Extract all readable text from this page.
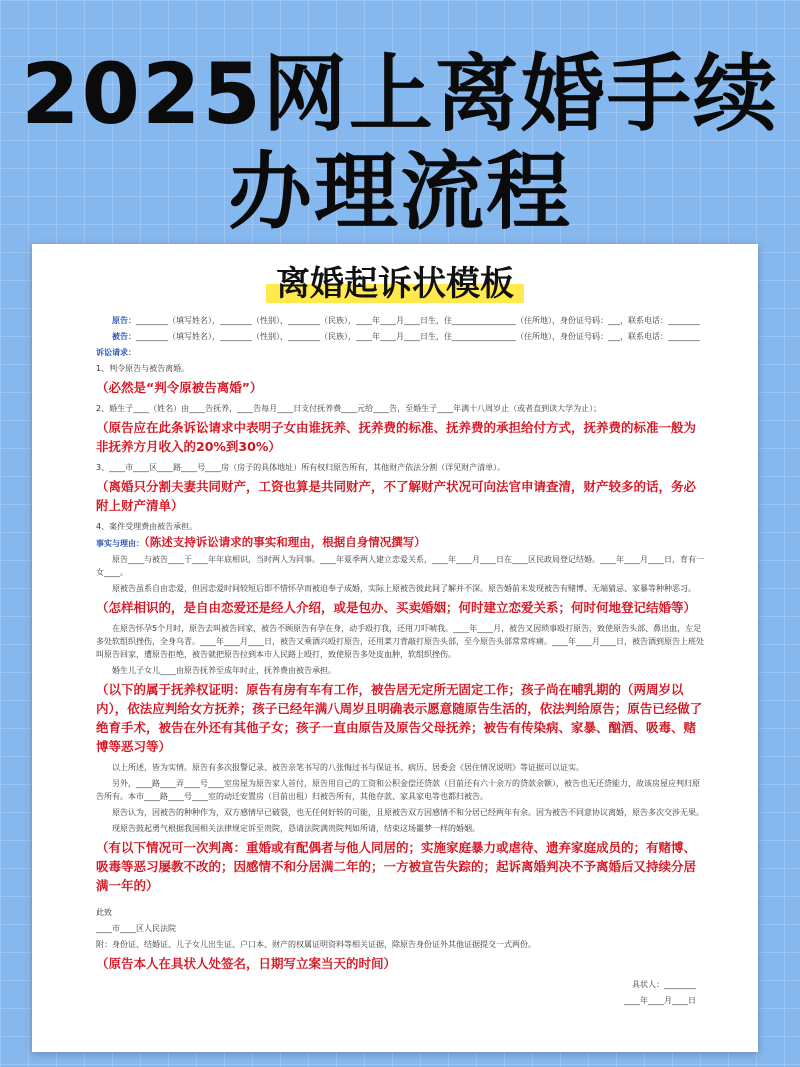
2025网上离婚手续
办理流程
离婚起诉状模板
原告：________（填写姓名），________（性别），________（民族），____年____月____日生，住________________（住所地），身份证号码：___，联系电话：________
被告：________（填写姓名），________（性别），________（民族），____年____月____日生，住________________（住所地），身份证号码：___，联系电话：________
诉讼请求：
1、判令原告与被告离婚。
（必然是“判令原被告离婚”）
2、婚生子____（姓名）由____告抚养，____告每月____日支付抚养费____元给____告，至婚生子____年满十八周岁止（或者直到读大学为止）；
（原告应在此条诉讼请求中表明子女由谁抚养、抚养费的标准、抚养费的承担给付方式，抚养费的标准一般为非抚养方月收入的20%到30%）
3、____市____区____路____号____房（房子的具体地址）所有权归原告所有，其他财产依法分割（详见财产清单）。
（离婚只分割夫妻共同财产，工资也算是共同财产，不了解财产状况可向法官申请查清，财产较多的话，务必附上财产清单）
4、案件受理费由被告承担。
事实与理由：（陈述支持诉讼请求的事实和理由，根据自身情况撰写）
原告____与被告____于____年年底相识，当时两人为同事。____年夏季两人建立恋爱关系，____年____月____日在____区民政局登记结婚。____年____月____日，育有一女____。
原被告虽系自由恋爱，但因恋爱时间较短后即不惜怀孕而被迫奉子成婚，实际上原被告彼此间了解并不深。原告婚前未发现被告有赌博、无端猜忌、家暴等种种恶习。
（怎样相识的，是自由恋爱还是经人介绍，或是包办、买卖婚姻；何时建立恋爱关系；何时何地登记结婚等）
在原告怀孕5个月时，原告去叫被告回家，被告不顾原告有孕在身，动手殴打我，还用刀吓唬我。____年____月，被告又因琐事殴打原告，致使原告头部、鼻出血，左足多处软组织挫伤，全身乌青。____年____月____日，被告又乘酒兴殴打原告，还用菜刀背敲打原告头部，至今原告头部常常疼痛。____年____月____日，被告酒到原告上班处叫原告回家，遭原告拒绝，被告就把原告拉到本市人民路上殴打，致使原告多处皮血肿，软组织挫伤。
婚生儿子女儿____由原告抚养至成年时止，抚养费由被告承担。
（以下的属于抚养权证明：原告有房有车有工作，被告居无定所无固定工作；孩子尚在哺乳期的（两周岁以内），依法应判给女方抚养；孩子已经年满八周岁且明确表示愿意随原告生活的，依法判给原告；原告已经做了绝育手术，被告在外还有其他子女；孩子一直由原告及原告父母抚养；被告有传染病、家暴、酗酒、吸毒、赌博等恶习等）
以上所述，皆为实情。原告有多次报警记录、被告亲笔书写的八张悔过书与保证书、病历、居委会《居住情况说明》等证据可以证实。
另外，____路____弄____号____室房屋为原告家人首付，原告用自己的工资和公积金偿还贷款（目前还有六十余万的贷款余额），被告也无还贷能力，故该房屋应判归原告所有。本市____路____号____室的动迁安置房（目前出租）归被告所有，其他存款、家具家电等也都归被告。
原告认为，因被告的种种作为，双方感情早已破裂，也无任何好转的可能，且原被告双方因感情不和分居已经两年有余。因为被告不同意协议离婚，原告多次交涉无果。
现原告鼓起勇气根据我国相关法律规定诉至贵院，恳请法院满贵院判如所请，结束这场噩梦一样的婚姻。
（有以下情况可一次判离：重婚或有配偶者与他人同居的；实施家庭暴力或虐待、遗弃家庭成员的；有赌博、吸毒等恶习屡教不改的；因感情不和分居满二年的；一方被宣告失踪的；起诉离婚判决不予离婚后又持续分居满一年的）
此致
____市____区人民法院
附：身份证、结婚证、儿子女儿出生证、户口本、财产的权属证明资料等相关证据，除原告身份证外其他证据提交一式两份。
（原告本人在具状人处签名，日期写立案当天的时间）
具状人：________
____年____月____日
